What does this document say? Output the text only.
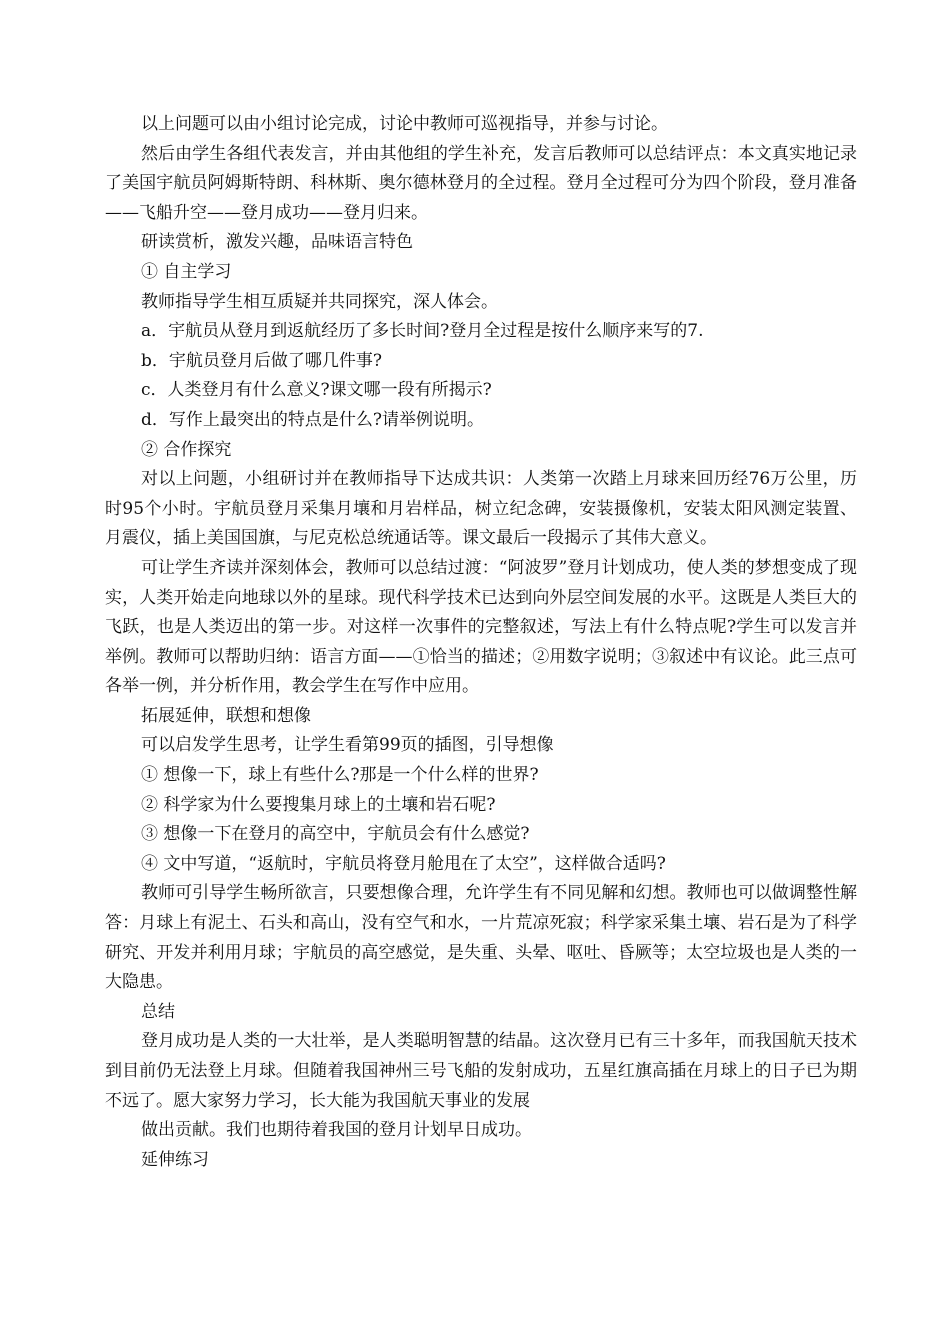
以上问题可以由小组讨论完成，讨论中教师可巡视指导，并参与讨论。

然后由学生各组代表发言，并由其他组的学生补充，发言后教师可以总结评点：本文真实地记录了美国宇航员阿姆斯特朗、科林斯、奥尔德林登月的全过程。登月全过程可分为四个阶段，登月准备——飞船升空——登月成功——登月归来。

研读赏析，激发兴趣，品味语言特色

① 自主学习

教师指导学生相互质疑并共同探究，深人体会。

a．宇航员从登月到返航经历了多长时间?登月全过程是按什么顺序来写的7.

b．宇航员登月后做了哪几件事?

c．人类登月有什么意义?课文哪一段有所揭示?

d．写作上最突出的特点是什么?请举例说明。

② 合作探究

对以上问题，小组研讨并在教师指导下达成共识：人类第一次踏上月球来回历经76万公里，历时95个小时。宇航员登月采集月壤和月岩样品，树立纪念碑，安装摄像机，安装太阳风测定装置、月震仪，插上美国国旗，与尼克松总统通话等。课文最后一段揭示了其伟大意义。

可让学生齐读并深刻体会，教师可以总结过渡：“阿波罗”登月计划成功，使人类的梦想变成了现实，人类开始走向地球以外的星球。现代科学技术已达到向外层空间发展的水平。这既是人类巨大的飞跃，也是人类迈出的第一步。对这样一次事件的完整叙述，写法上有什么特点呢?学生可以发言并举例。教师可以帮助归纳：语言方面——①恰当的描述；②用数字说明；③叙述中有议论。此三点可各举一例，并分析作用，教会学生在写作中应用。

拓展延伸，联想和想像

可以启发学生思考，让学生看第99页的插图，引导想像

① 想像一下，球上有些什么?那是一个什么样的世界?

② 科学家为什么要搜集月球上的土壤和岩石呢?

③ 想像一下在登月的高空中，宇航员会有什么感觉?

④ 文中写道，“返航时，宇航员将登月舱甩在了太空”，这样做合适吗?

教师可引导学生畅所欲言，只要想像合理，允许学生有不同见解和幻想。教师也可以做调整性解答：月球上有泥土、石头和高山，没有空气和水，一片荒凉死寂；科学家采集土壤、岩石是为了科学研究、开发并利用月球；宇航员的高空感觉，是失重、头晕、呕吐、昏厥等；太空垃圾也是人类的一大隐患。

总结

登月成功是人类的一大壮举，是人类聪明智慧的结晶。这次登月已有三十多年，而我国航天技术到目前仍无法登上月球。但随着我国神州三号飞船的发射成功，五星红旗高插在月球上的日子已为期不远了。愿大家努力学习，长大能为我国航天事业的发展

做出贡献。我们也期待着我国的登月计划早日成功。

延伸练习
